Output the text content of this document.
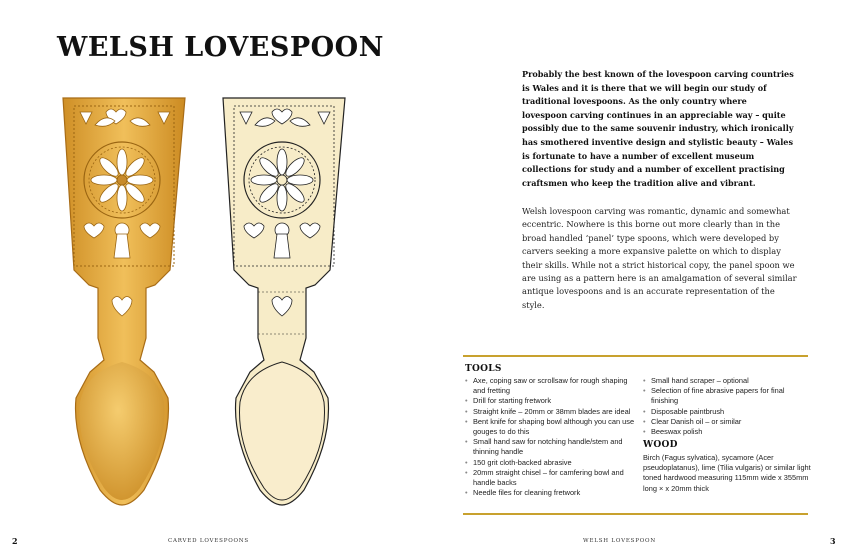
WELSH LOVESPOON

Probably the best known of the lovespoon carving countries is Wales and it is there that we will begin our study of traditional lovespoons. As the only country where lovespoon carving continues in an appreciable way – quite possibly due to the same souvenir industry, which ironically has smothered inventive design and stylistic beauty – Wales is fortunate to have a number of excellent museum collections for study and a number of excellent practising craftsmen who keep the tradition alive and vibrant.

Welsh lovespoon carving was romantic, dynamic and somewhat eccentric. Nowhere is this borne out more clearly than in the broad handled ‘panel’ type spoons, which were developed by carvers seeking a more expansive palette on which to display their skills. While not a strict historical copy, the panel spoon we are using as a pattern here is an amalgamation of several similar antique lovespoons and is an accurate representation of the style.

TOOLS
• Axe, coping saw or scrollsaw for rough shaping and fretting
• Drill for starting fretwork
• Straight knife – 20mm or 38mm blades are ideal
• Bent knife for shaping bowl although you can use gouges to do this
• Small hand saw for notching handle/stem and thinning handle
• 150 grit cloth-backed abrasive
• 20mm straight chisel – for camfering bowl and handle backs
• Needle files for cleaning fretwork
• Small hand scraper – optional
• Selection of fine abrasive papers for final finishing
• Disposable paintbrush
• Clear Danish oil – or similar
• Beeswax polish
WOOD

Birch (Fagus sylvatica), sycamore (Acer pseudoplatanus), lime (Tilia vulgaris) or similar light toned hardwood measuring 115mm wide x 355mm long × x 20mm thick

2	CARVED LOVESPOONS	WELSH LOVESPOON	3
